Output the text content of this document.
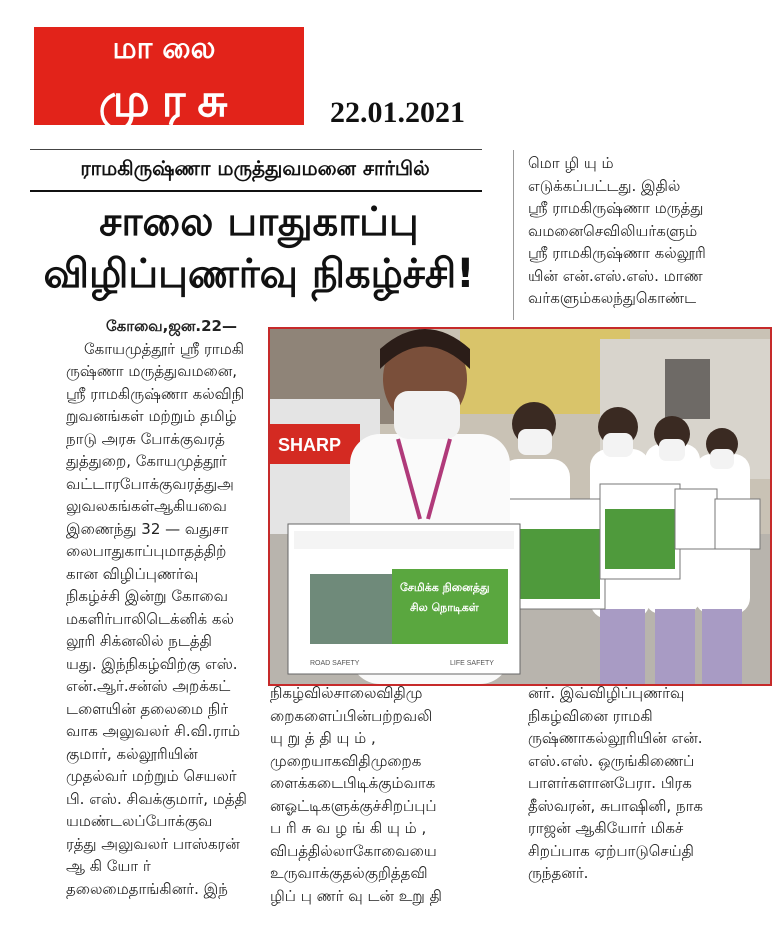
மாலை
முரசு	22.01.2021
ராமகிருஷ்ணா மருத்துவமனை சார்பில்
சாலை பாதுகாப்பு
விழிப்புணர்வு நிகழ்ச்சி!
கோவை,ஜன.22—
கோயமுத்தூர் ஸ்ரீ ராமகி
ருஷ்ணா மருத்துவமனை,
ஸ்ரீ ராமகிருஷ்ணா கல்விநி
றுவனங்கள் மற்றும் தமிழ்
நாடு அரசு போக்குவரத்
துத்துறை, கோயமுத்தூர்
வட்டாரபோக்குவரத்துஅ
லுவலகங்கள்ஆகியவை
இணைந்து 32 — வதுசா
லைபாதுகாப்புமாதத்திற்
கான விழிப்புணர்வு
நிகழ்ச்சி இன்று கோவை
மகளிர்பாலிடெக்னிக் கல்
லூரி சிக்னலில் நடத்தி
யது. இந்நிகழ்விற்கு எஸ்.
என்.ஆர்.சன்ஸ் அறக்கட்
டளையின் தலைமை நிர்
வாக அலுவலர் சி.வி.ராம்
குமார், கல்லூரியின்
முதல்வர் மற்றும் செயலர்
பி. எஸ். சிவக்குமார், மத்தி
யமண்டலப்போக்குவ
ரத்து அலுவலர் பாஸ்கரன்
ஆ கி யோ ர்
தலைமைதாங்கினர். இந்
மொ ழி யு ம்
எடுக்கப்பட்டது. இதில்
ஸ்ரீ ராமகிருஷ்ணா மருத்து
வமனைசெவிலியர்களும்
ஸ்ரீ ராமகிருஷ்ணா கல்லூரி
யின் என்.எஸ்.எஸ். மாண
வர்களும்கலந்துகொண்ட
SHARP
சேமிக்க நினைத்து
சில நொடிகள்
ROAD SAFETY	LIFE SAFETY
நிகழ்வில்சாலைவிதிமு
றைகளைப்பின்பற்றவலி
யு று த் தி யு ம் ,
முறையாகவிதிமுறைக
ளைக்கடைபிடிக்கும்வாக
னஓட்டிகளுக்குச்சிறப்புப்
ப ரி சு வ ழ ங் கி யு ம் ,
விபத்தில்லாகோவையை
உருவாக்குதல்குறித்தவி
ழிப் பு ணர் வு டன் உறு தி
னர். இவ்விழிப்புணர்வு
நிகழ்வினை ராமகி
ருஷ்ணாகல்லூரியின் என்.
எஸ்.எஸ். ஒருங்கிணைப்
பாளர்களானபேரா. பிரக
தீஸ்வரன், சுபாஷினி, நாக
ராஜன் ஆகியோர் மிகச்
சிறப்பாக ஏற்பாடுசெய்தி
ருந்தனர்.
